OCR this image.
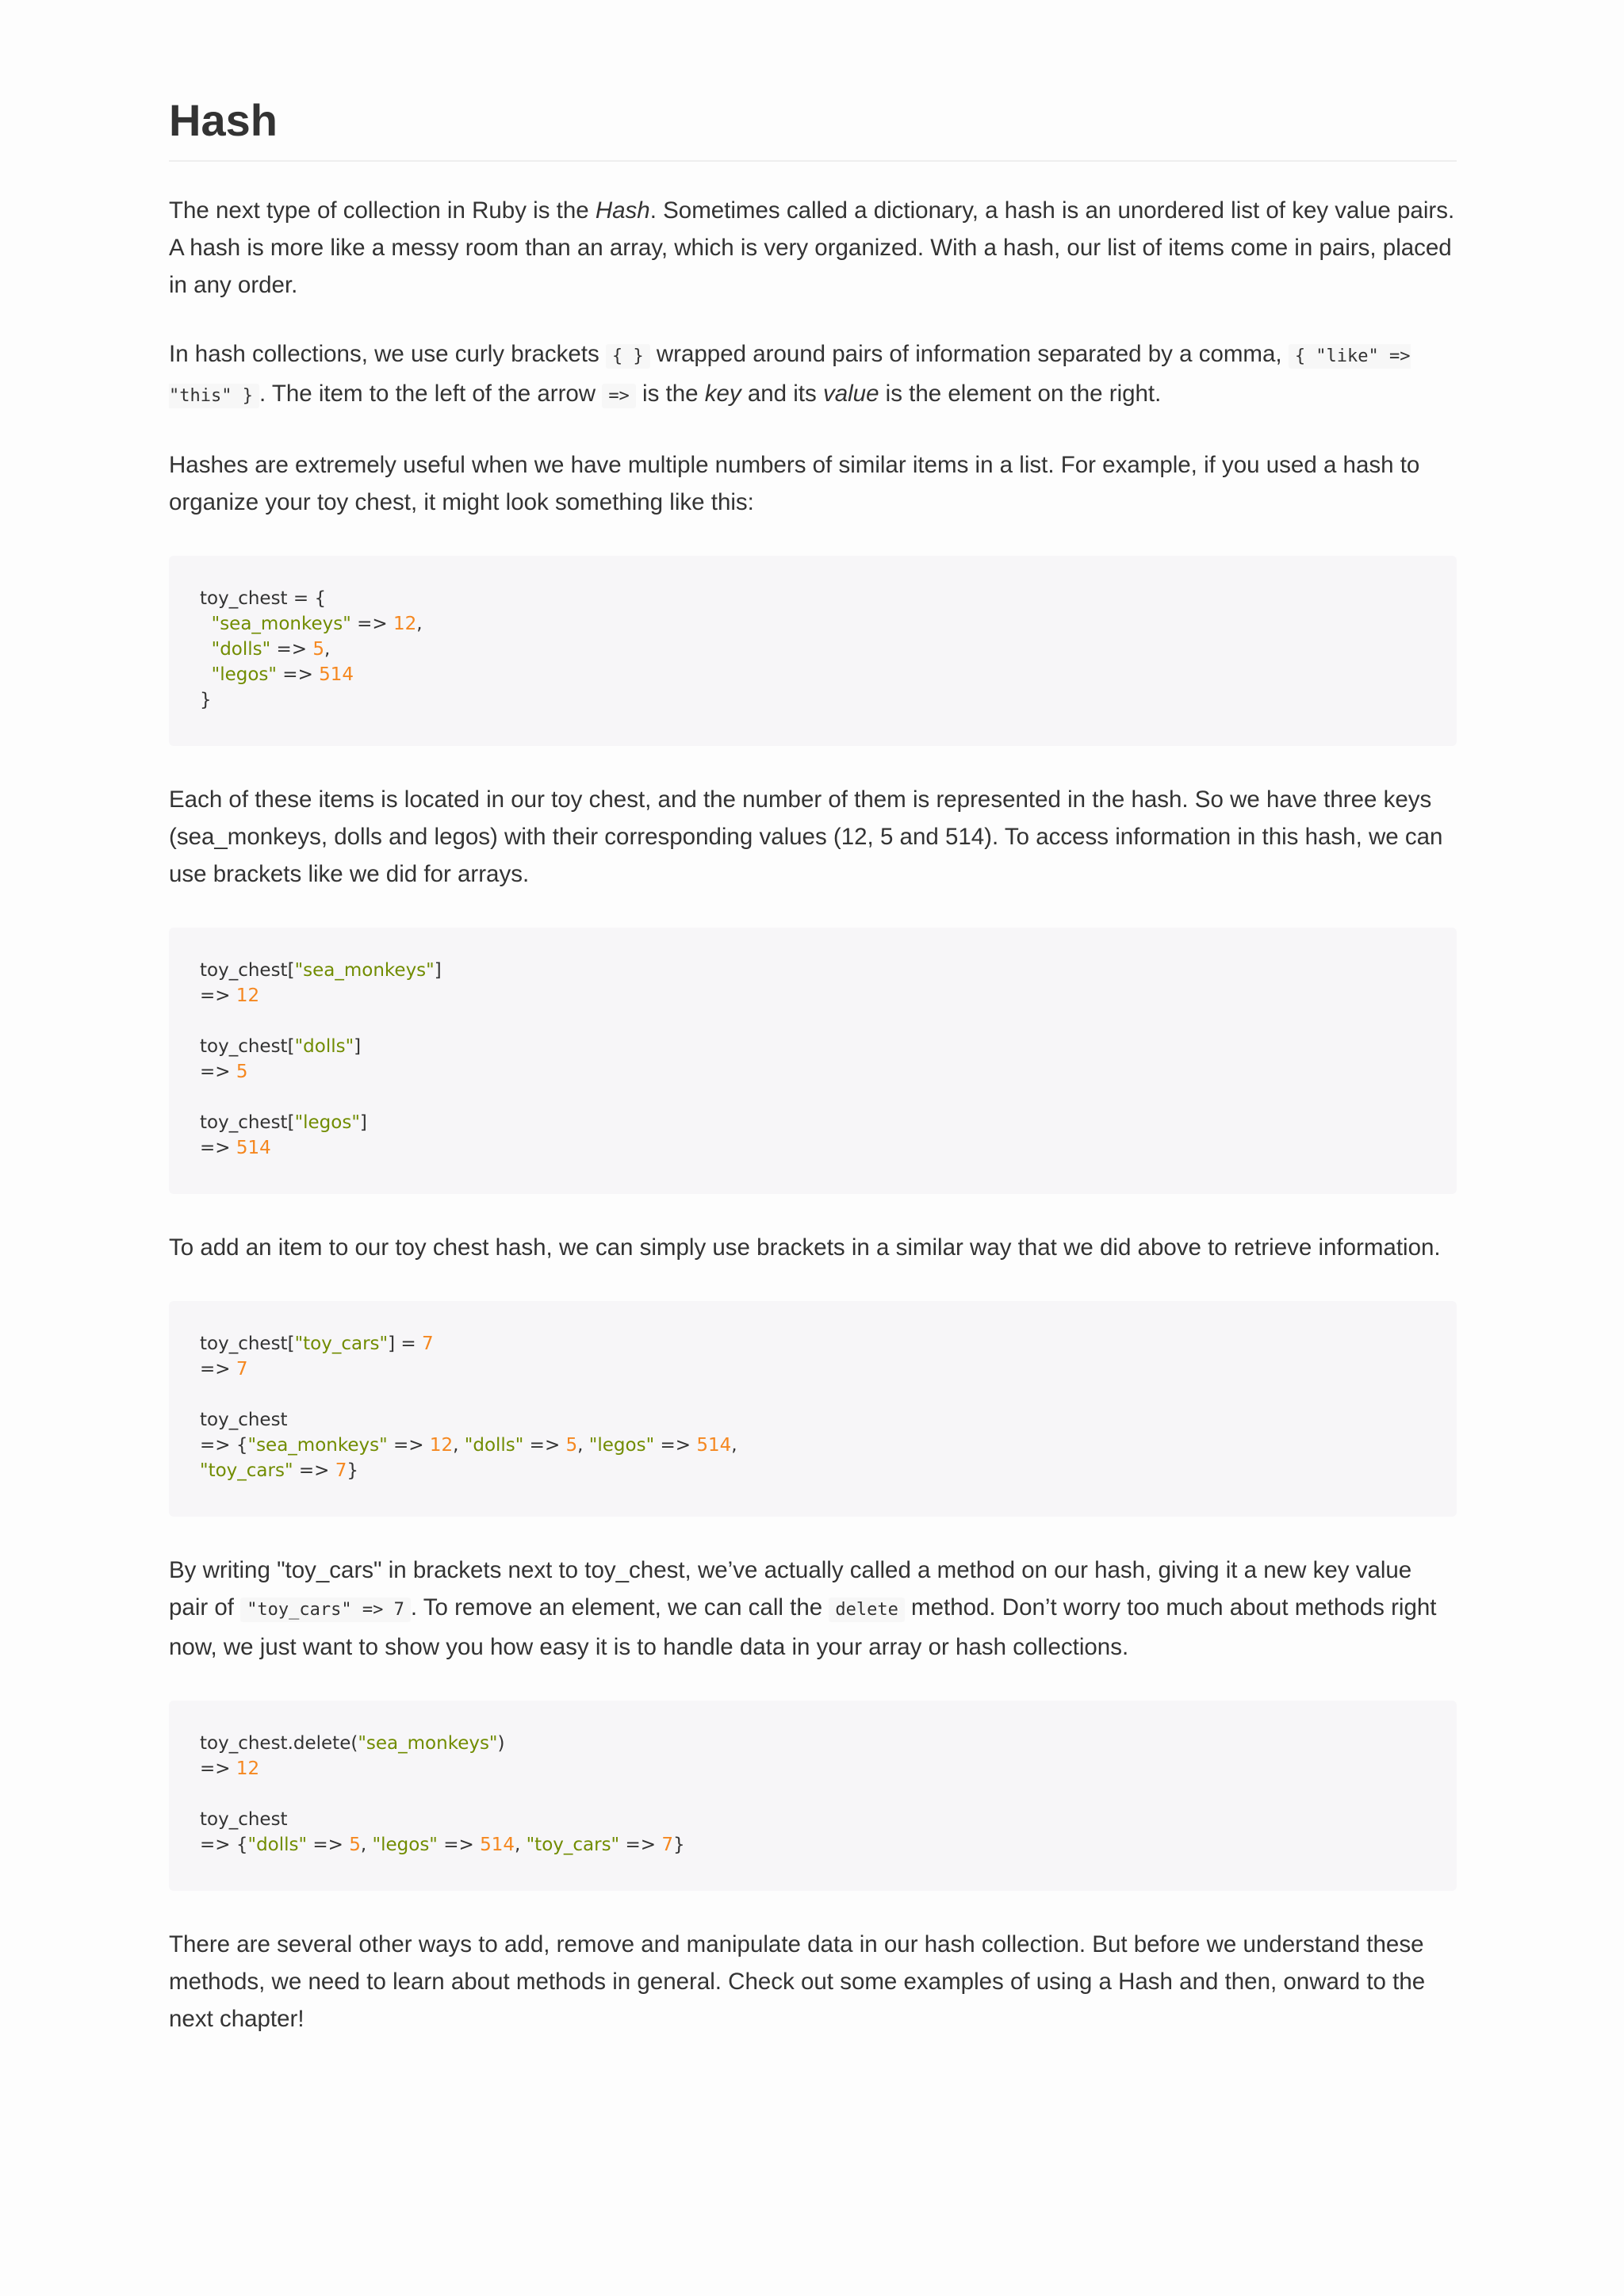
Hash

The next type of collection in Ruby is the Hash. Sometimes called a dictionary, a hash is an unordered list of key value pairs. A hash is more like a messy room than an array, which is very organized. With a hash, our list of items come in pairs, placed in any order.

In hash collections, we use curly brackets { } wrapped around pairs of information separated by a comma, { "like" => "this" } . The item to the left of the arrow => is the key and its value is the element on the right.

Hashes are extremely useful when we have multiple numbers of similar items in a list. For example, if you used a hash to organize your toy chest, it might look something like this:

toy_chest = {
"sea_monkeys" => 12,
"dolls" => 5,
"legos" => 514
}

Each of these items is located in our toy chest, and the number of them is represented in the hash. So we have three keys (sea_monkeys, dolls and legos) with their corresponding values (12, 5 and 514). To access information in this hash, we can use brackets like we did for arrays.

toy_chest["sea_monkeys"]
=> 12

toy_chest["dolls"]
=> 5

toy_chest["legos"]
=> 514

To add an item to our toy chest hash, we can simply use brackets in a similar way that we did above to retrieve information.

toy_chest["toy_cars"] = 7
=> 7

toy_chest
=> {"sea_monkeys" => 12, "dolls" => 5, "legos" => 514,
"toy_cars" => 7}

By writing "toy_cars" in brackets next to toy_chest, we’ve actually called a method on our hash, giving it a new key value pair of "toy_cars" => 7 . To remove an element, we can call the delete method. Don’t worry too much about methods right now, we just want to show you how easy it is to handle data in your array or hash collections.

toy_chest.delete("sea_monkeys")
=> 12

toy_chest
=> {"dolls" => 5, "legos" => 514, "toy_cars" => 7}

There are several other ways to add, remove and manipulate data in our hash collection. But before we understand these methods, we need to learn about methods in general. Check out some examples of using a Hash and then, onward to the next chapter!
